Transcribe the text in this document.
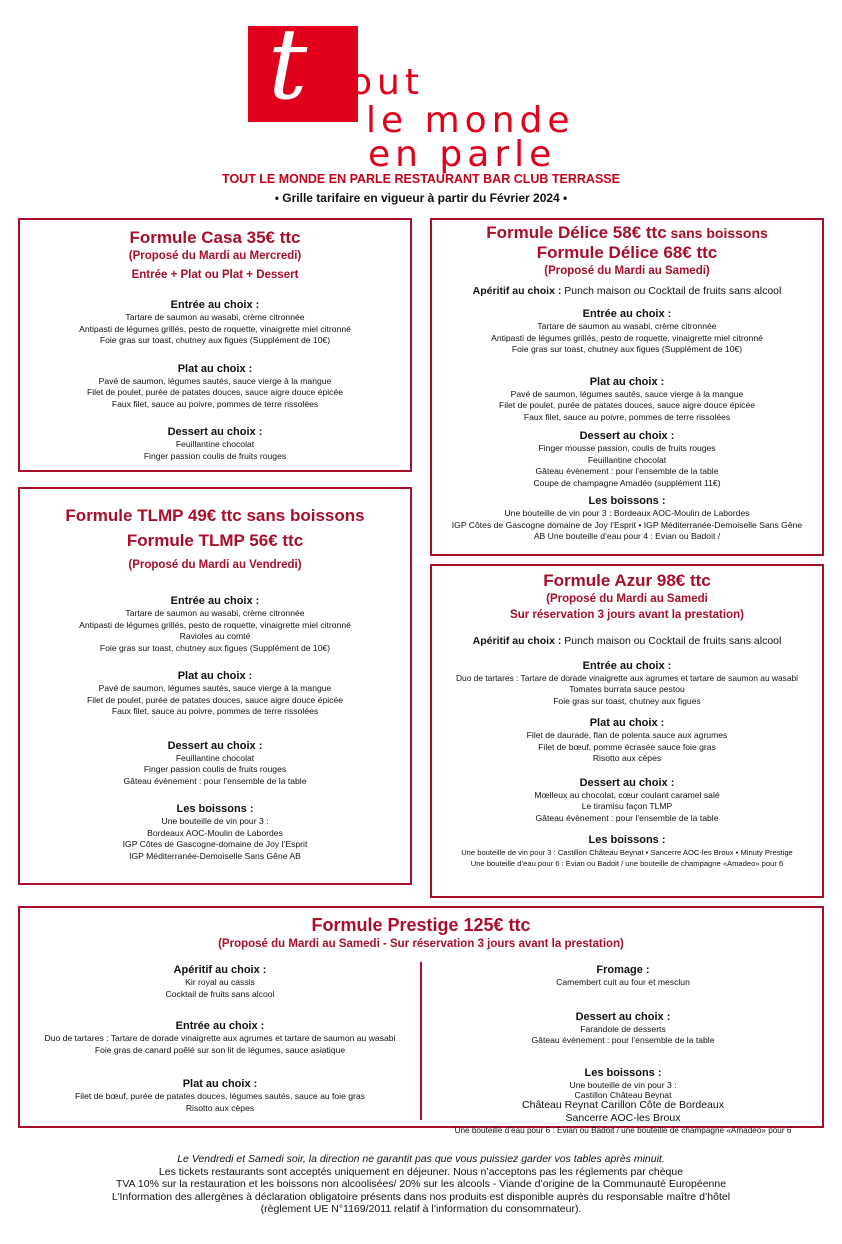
t out
le monde
en parle
TOUT LE MONDE EN PARLE RESTAURANT BAR CLUB TERRASSE
• Grille tarifaire en vigueur à partir du Février 2024 •
Formule Casa 35€ ttc
(Proposé du Mardi au Mercredi)
Entrée + Plat ou Plat + Dessert
Entrée au choix :
Tartare de saumon au wasabi, crème citronnée
Antipasti de légumes grillés, pesto de roquette, vinaigrette miel citronné
Foie gras sur toast, chutney aux figues (Supplément de 10€)
Plat au choix :
Pavé de saumon, légumes sautés, sauce vierge à la mangue
Filet de poulet, purée de patates douces, sauce aigre douce épicée
Faux filet, sauce au poivre, pommes de terre rissolées
Dessert au choix :
Feuillantine chocolat
Finger passion coulis de fruits rouges
Formule TLMP 49€ ttc sans boissons
Formule TLMP 56€ ttc
(Proposé du Mardi au Vendredi)
Entrée au choix :
Tartare de saumon au wasabi, crème citronnée
Antipasti de légumes grillés, pesto de roquette, vinaigrette miel citronné Ravioles au comté
Foie gras sur toast, chutney aux figues (Supplément de 10€)
Plat au choix :
Pavé de saumon, légumes sautés, sauce vierge à la mangue
Filet de poulet, purée de patates douces, sauce aigre douce épicée
Faux filet, sauce au poivre, pommes de terre rissolées
Dessert au choix :
Feuillantine chocolat
Finger passion coulis de fruits rouges
Gâteau évènement : pour l’ensemble de la table
Les boissons :
Une bouteille de vin pour 3 :
Bordeaux AOC-Moulin de Labordes
IGP Côtes de Gascogne-domaine de Joy l’Esprit
IGP Méditerranée-Demoiselle Sans Gêne AB
Formule Délice 58€ ttc sans boissons
Formule Délice 68€ ttc
(Proposé du Mardi au Samedi)
Apéritif au choix : Punch maison ou Cocktail de fruits sans alcool
Entrée au choix :
Tartare de saumon au wasabi, crème citronnée
Antipasti de légumes grillés, pesto de roquette, vinaigrette miel citronné
Foie gras sur toast, chutney aux figues (Supplément de 10€)
Plat au choix :
Pavé de saumon, légumes sautés, sauce vierge à la mangue
Filet de poulet, purée de patates douces, sauce aigre douce épicée
Faux filet, sauce au poivre, pommes de terre rissolées
Dessert au choix :
Finger mousse passion, coulis de fruits rouges
Feuillantine chocolat
Gâteau évènement : pour l’ensemble de la table
Coupe de champagne Amadéo (supplément 11€)
Les boissons :
Une bouteille de vin pour 3 : Bordeaux AOC-Moulin de Labordes
IGP Côtes de Gascogne domaine de Joy l’Esprit • IGP Méditerranée-Demoiselle Sans Gêne
AB Une bouteille d’eau pour 4 : Evian ou Badoit /
Formule Azur 98€ ttc
(Proposé du Mardi au Samedi
Sur réservation 3 jours avant la prestation)
Apéritif au choix : Punch maison ou Cocktail de fruits sans alcool
Entrée au choix :
Duo de tartares : Tartare de dorade vinaigrette aux agrumes et tartare de saumon au wasabi
Tomates burrata sauce pestou
Foie gras sur toast, chutney aux figues
Plat au choix :
Filet de daurade, flan de polenta sauce aux agrumes
Filet de bœuf, pomme écrasée sauce foie gras
Risotto aux cèpes
Dessert au choix :
Mœlleux au chocolat, cœur coulant caramel salé
Le tiramisu façon TLMP
Gâteau évènement : pour l’ensemble de la table
Les boissons :
Une bouteille de vin pour 3 : Castillon Château Beynat • Sancerre AOC-les Broux • Minuty Prestige
Une bouteille d’eau pour 6 : Evian ou Badoit / une bouteille de champagne «Amadeo» pour 6
Formule Prestige 125€ ttc
(Proposé du Mardi au Samedi - Sur réservation 3 jours avant la prestation)
Apéritif au choix :
Kir royal au cassis
Cocktail de fruits sans alcool
Entrée au choix :
Duo de tartares : Tartare de dorade vinaigrette aux agrumes et tartare de saumon au wasabi
Foie gras de canard poêlé sur son lit de légumes, sauce asiatique
Plat au choix :
Filet de bœuf, purée de patates douces, légumes sautés, sauce au foie gras
Risotto aux cèpes
Fromage :
Camembert cuit au four et mesclun
Dessert au choix :
Farandole de desserts
Gâteau évènement : pour l’ensemble de la table
Les boissons :
Une bouteille de vin pour 3 :
Castillon Château Beynat
Château Reynat Carillon Côte de Bordeaux
Sancerre AOC-les Broux
Une bouteille d’eau pour 6 : Evian ou Badoit / une bouteille de champagne «Amadeo» pour 6
Le Vendredi et Samedi soir, la direction ne garantit pas que vous puissiez garder vos tables après minuit.
Les tickets restaurants sont acceptés uniquement en déjeuner. Nous n’acceptons pas les réglements par chèque
TVA 10% sur la restauration et les boissons non alcoolisées/ 20% sur les alcools - Viande d’origine de la Communauté Européenne
L’Information des allergènes à déclaration obligatoire présents dans nos produits est disponible auprès du responsable maître d’hôtel
(règlement UE N°1169/2011 relatif à l’information du consommateur).
